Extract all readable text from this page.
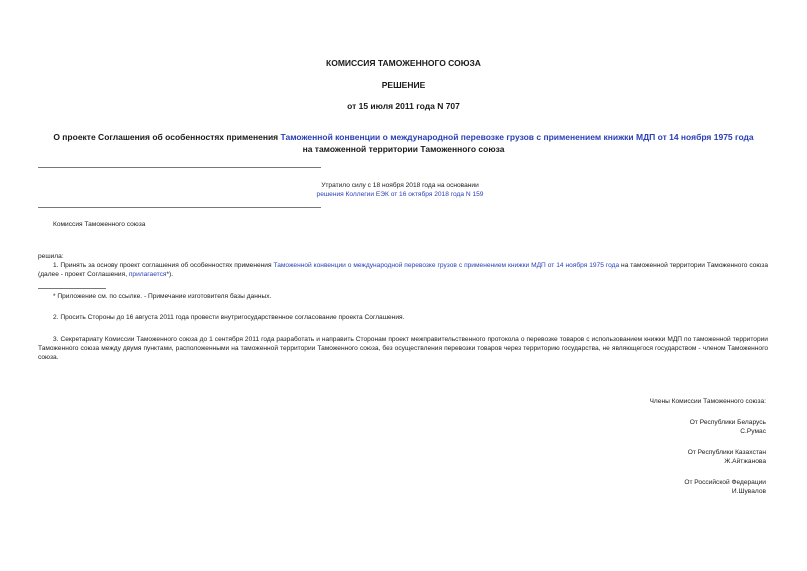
КОМИССИЯ ТАМОЖЕННОГО СОЮЗА
РЕШЕНИЕ
от 15 июля 2011 года N 707
О проекте Соглашения об особенностях применения Таможенной конвенции о международной перевозке грузов с применением книжки МДП от 14 ноября 1975 года
на таможенной территории Таможенного союза
Утратило силу с 18 ноября 2018 года на основании
решения Коллегии ЕЭК от 16 октября 2018 года N 159
Комиссия Таможенного союза
решила:
1. Принять за основу проект соглашения об особенностях применения Таможенной конвенции о международной перевозке грузов с применением книжки МДП от 14 ноября 1975 года на таможенной территории Таможенного союза (далее - проект Соглашения, прилагается*).
* Приложение см. по ссылке. - Примечание изготовителя базы данных.
2. Просить Стороны до 16 августа 2011 года провести внутригосударственное согласование проекта Соглашения.
3. Секретариату Комиссии Таможенного союза до 1 сентября 2011 года разработать и направить Сторонам проект межправительственного протокола о перевозке товаров с использованием книжки МДП по таможенной территории Таможенного союза между двумя пунктами, расположенными на таможенной территории Таможенного союза, без осуществления перевозки товаров через территорию государства, не являющегося государством - членом Таможенного союза.
Члены Комиссии Таможенного союза:
От Республики Беларусь
С.Румас
От Республики Казахстан
Ж.Айтжанова
От Российской Федерации
И.Шувалов
